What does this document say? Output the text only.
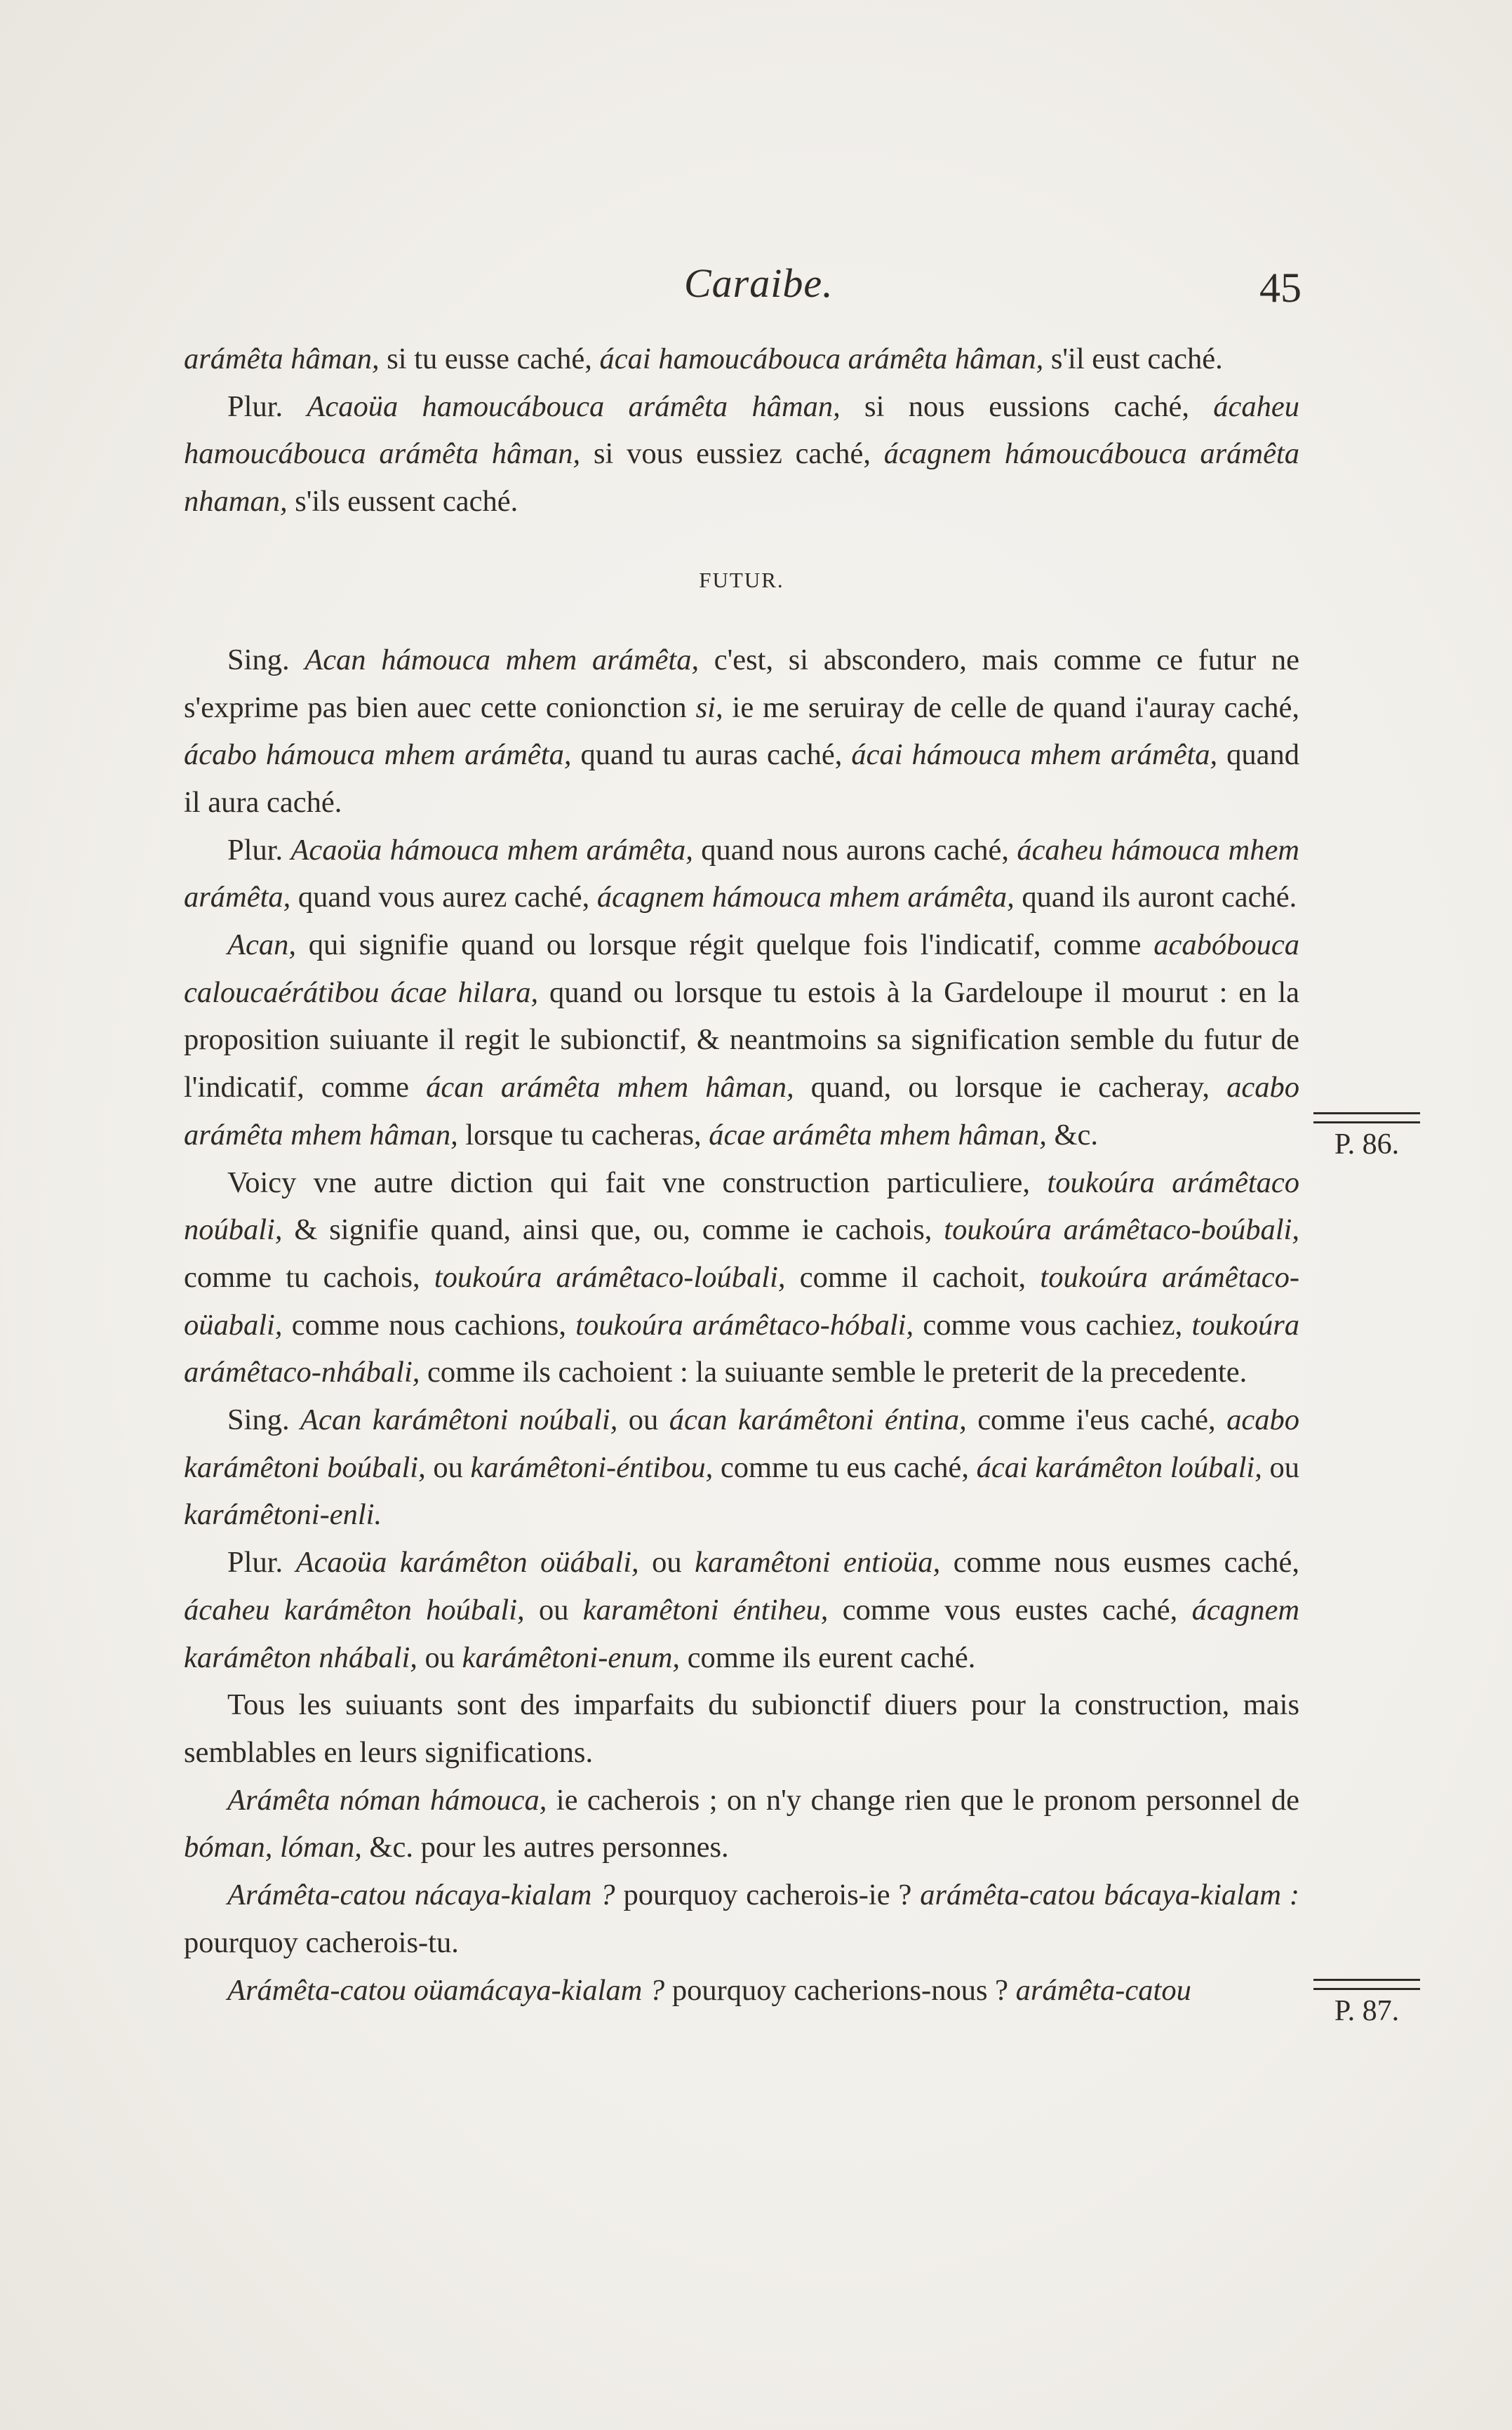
Caraibe.	45

arámêta hâman, si tu eusse caché, ácai hamoucábouca arámêta hâman, s'il eust caché.

Plur. Acaoüa hamoucábouca arámêta hâman, si nous eussions caché, ácaheu hamoucábouca arámêta hâman, si vous eussiez caché, ácagnem hámoucábouca arámêta nhaman, s'ils eussent caché.

FUTUR.

Sing. Acan hámouca mhem arámêta, c'est, si abscondero, mais comme ce futur ne s'exprime pas bien auec cette conionction si, ie me seruiray de celle de quand i'auray caché, ácabo hámouca mhem arámêta, quand tu auras caché, ácai hámouca mhem arámêta, quand il aura caché.

Plur. Acaoüa hámouca mhem arámêta, quand nous aurons caché, ácaheu hámouca mhem arámêta, quand vous aurez caché, ácagnem hámouca mhem arámêta, quand ils auront caché.

Acan, qui signifie quand ou lorsque régit quelque fois l'indicatif, comme acabóbouca caloucaérátibou ácae hilara, quand ou lorsque tu estois à la Gardeloupe il mourut : en la proposition suiuante il regit le subionctif, & neantmoins sa signification semble du futur de l'indicatif, comme ácan arámêta mhem hâman, quand, ou lorsque ie cacheray, acabo arámêta mhem hâman, lorsque tu cacheras, ácae arámêta mhem hâman, &c.

Voicy vne autre diction qui fait vne construction particuliere, toukoúra arámêtaco noúbali, & signifie quand, ainsi que, ou, comme ie cachois, toukoúra arámêtaco-boúbali, comme tu cachois, toukoúra arámêtaco-loúbali, comme il cachoit, toukoúra arámêtaco-oüabali, comme nous cachions, toukoúra arámêtaco-hóbali, comme vous cachiez, toukoúra arámêtaco-nhábali, comme ils cachoient : la suiuante semble le preterit de la precedente.

Sing. Acan karámêtoni noúbali, ou ácan karámêtoni éntina, comme i'eus caché, acabo karámêtoni boúbali, ou karámêtoni-éntibou, comme tu eus caché, ácai karámêton loúbali, ou karámêtoni-enli.

Plur. Acaoüa karámêton oüábali, ou karamêtoni entioüa, comme nous eusmes caché, ácaheu karámêton hoúbali, ou karamêtoni éntiheu, comme vous eustes caché, ácagnem karámêton nhábali, ou karámêtoni-enum, comme ils eurent caché.

Tous les suiuants sont des imparfaits du subionctif diuers pour la construction, mais semblables en leurs significations.

Arámêta nóman hámouca, ie cacherois ; on n'y change rien que le pronom personnel de bóman, lóman, &c. pour les autres personnes.

Arámêta-catou nácaya-kialam ? pourquoy cacherois-ie ? arámêta-catou bácaya-kialam : pourquoy cacherois-tu.

Arámêta-catou oüamácaya-kialam ? pourquoy cacherions-nous ? arámêta-catou

P. 86.
P. 87.
